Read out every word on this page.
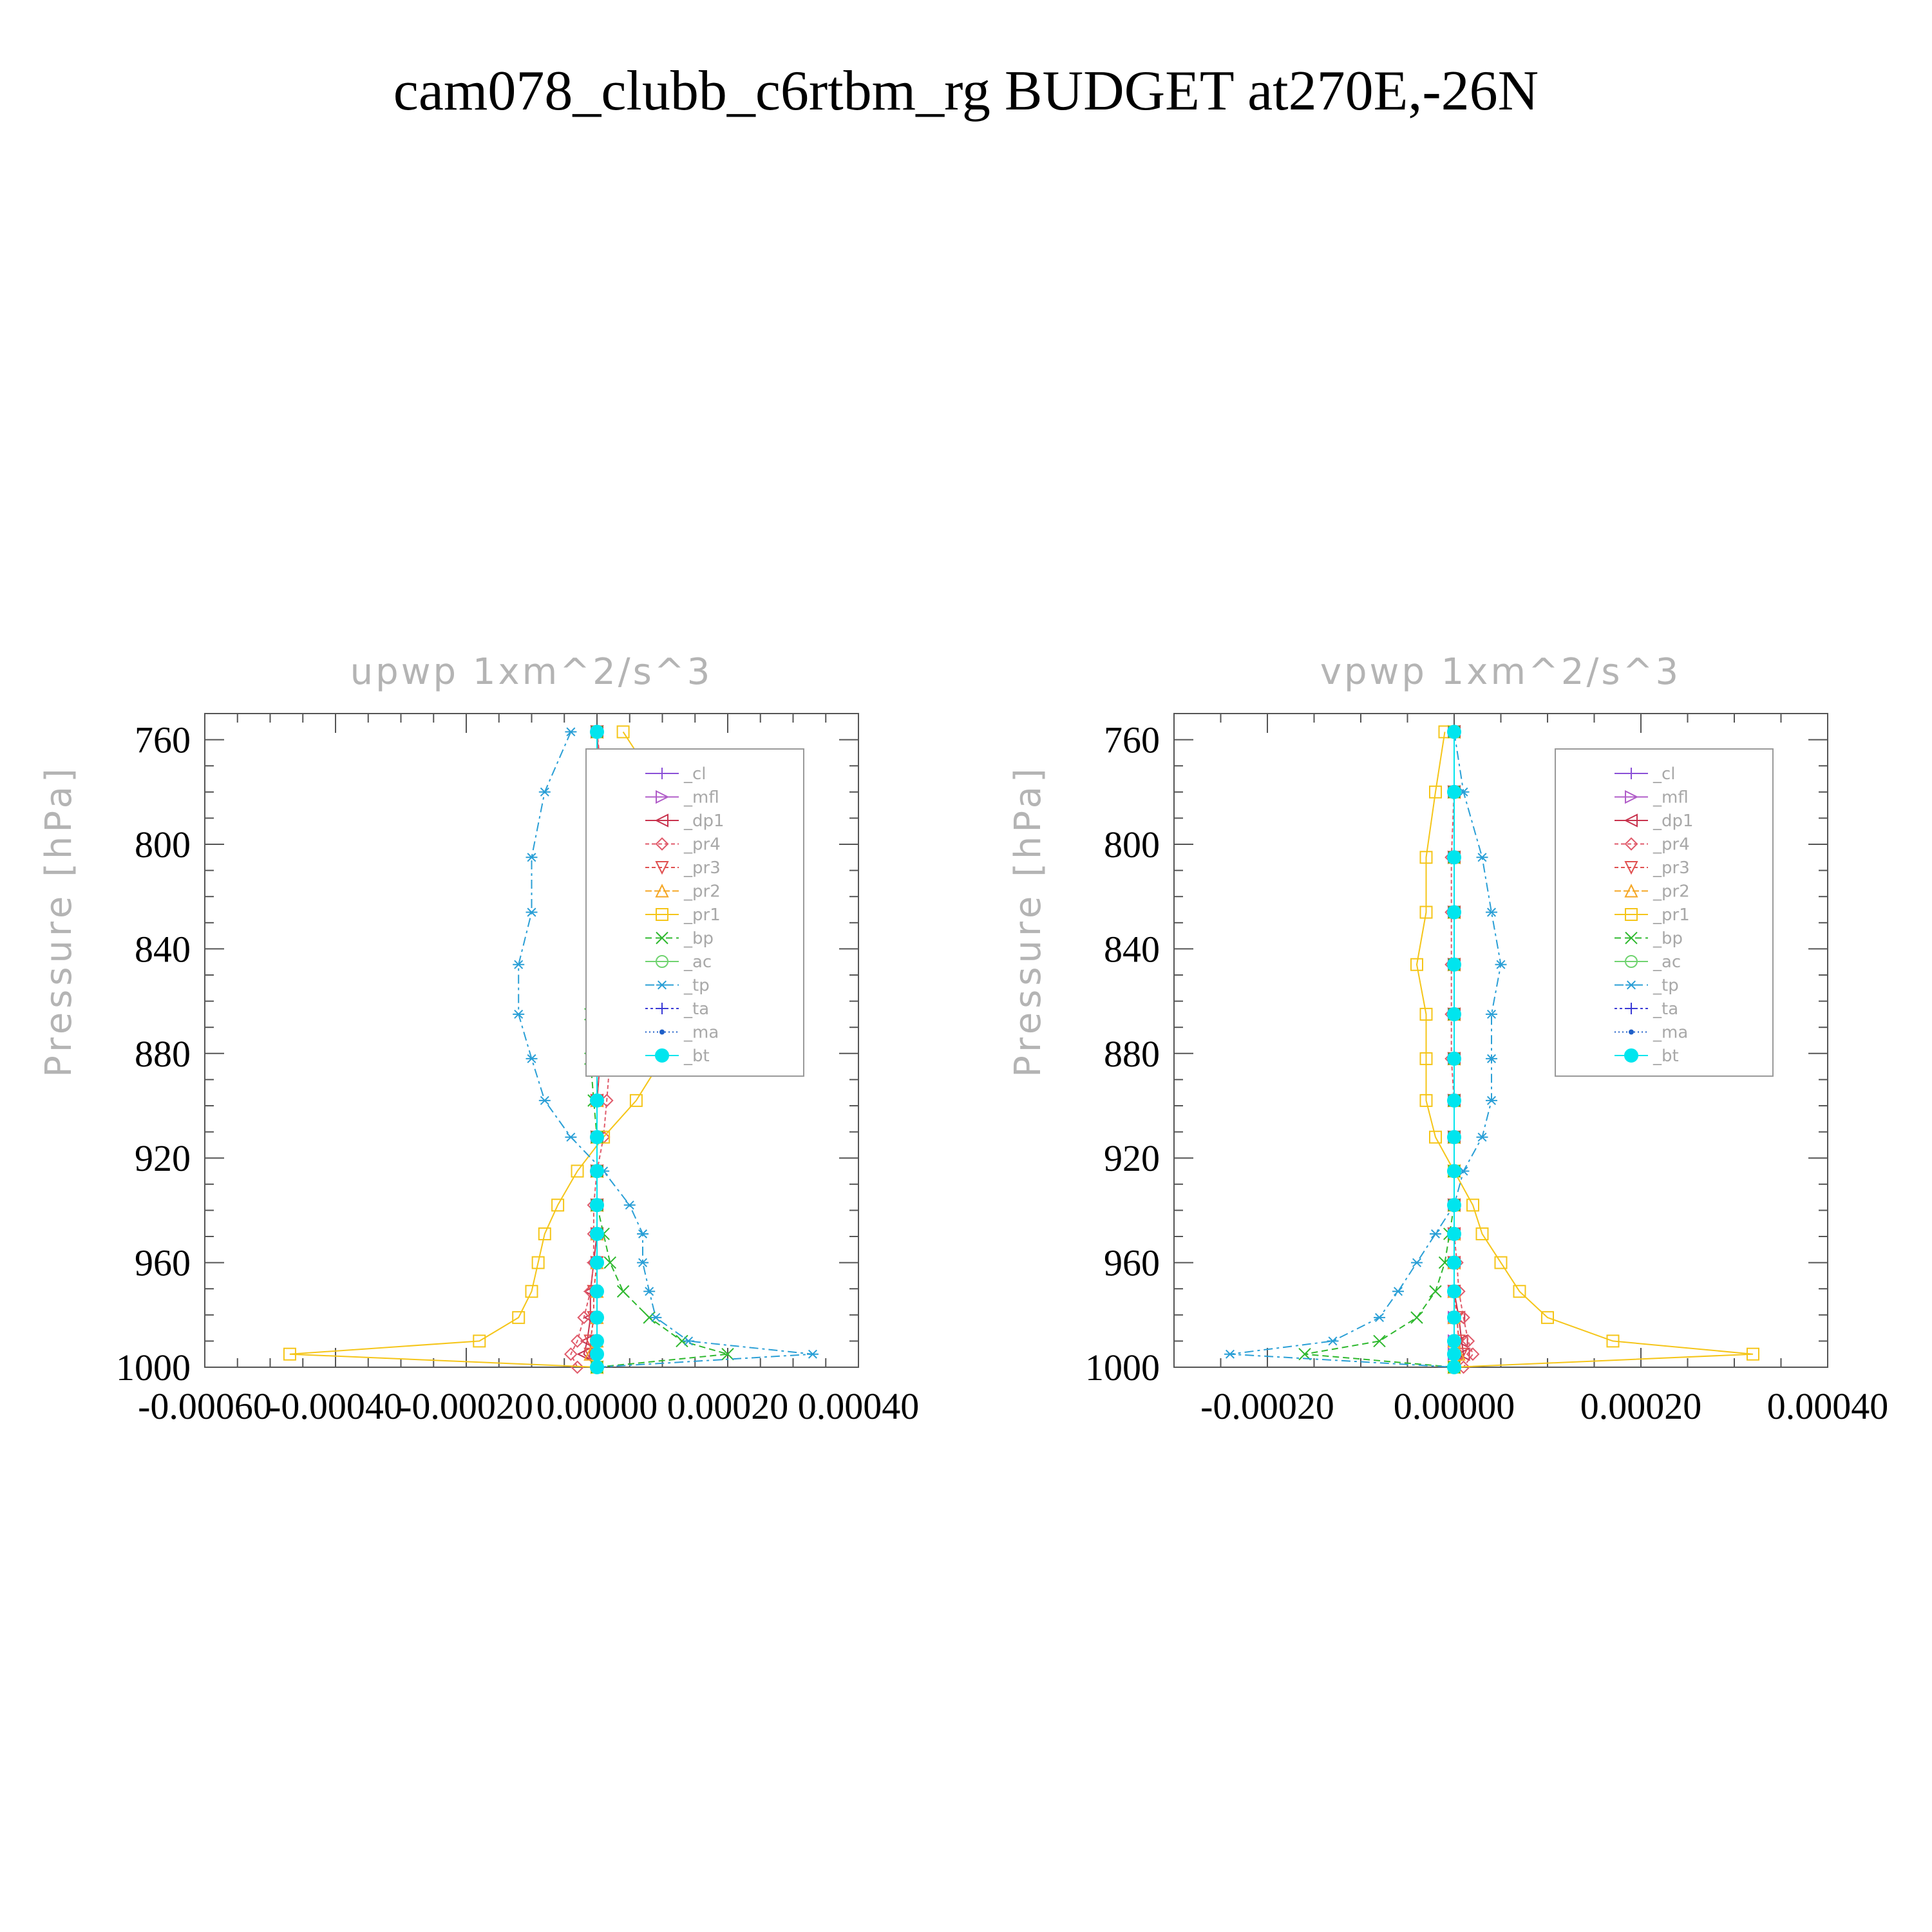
cam078_clubb_c6rtbm_rg BUDGET at270E,-26N
upwp 1xm^2/s^3
Pressure [hPa]
760
800
840
880
920
960
1000
-0.00060
-0.00040
-0.00020 0.00000 0.00020 0.00040
_cl
_mfl
_dp1
_pr4
_pr3
_pr2
_pr1
_bp
_ac
_tp
_ta
_ma
_bt
vpwp 1xm^2/s^3
Pressure [hPa]
760
800
840
880
920
960
1000
-0.00020 0.00000 0.00020 0.00040
_cl
_mfl
_dp1
_pr4
_pr3
_pr2
_pr1
_bp
_ac
_tp
_ta
_ma
_bt
